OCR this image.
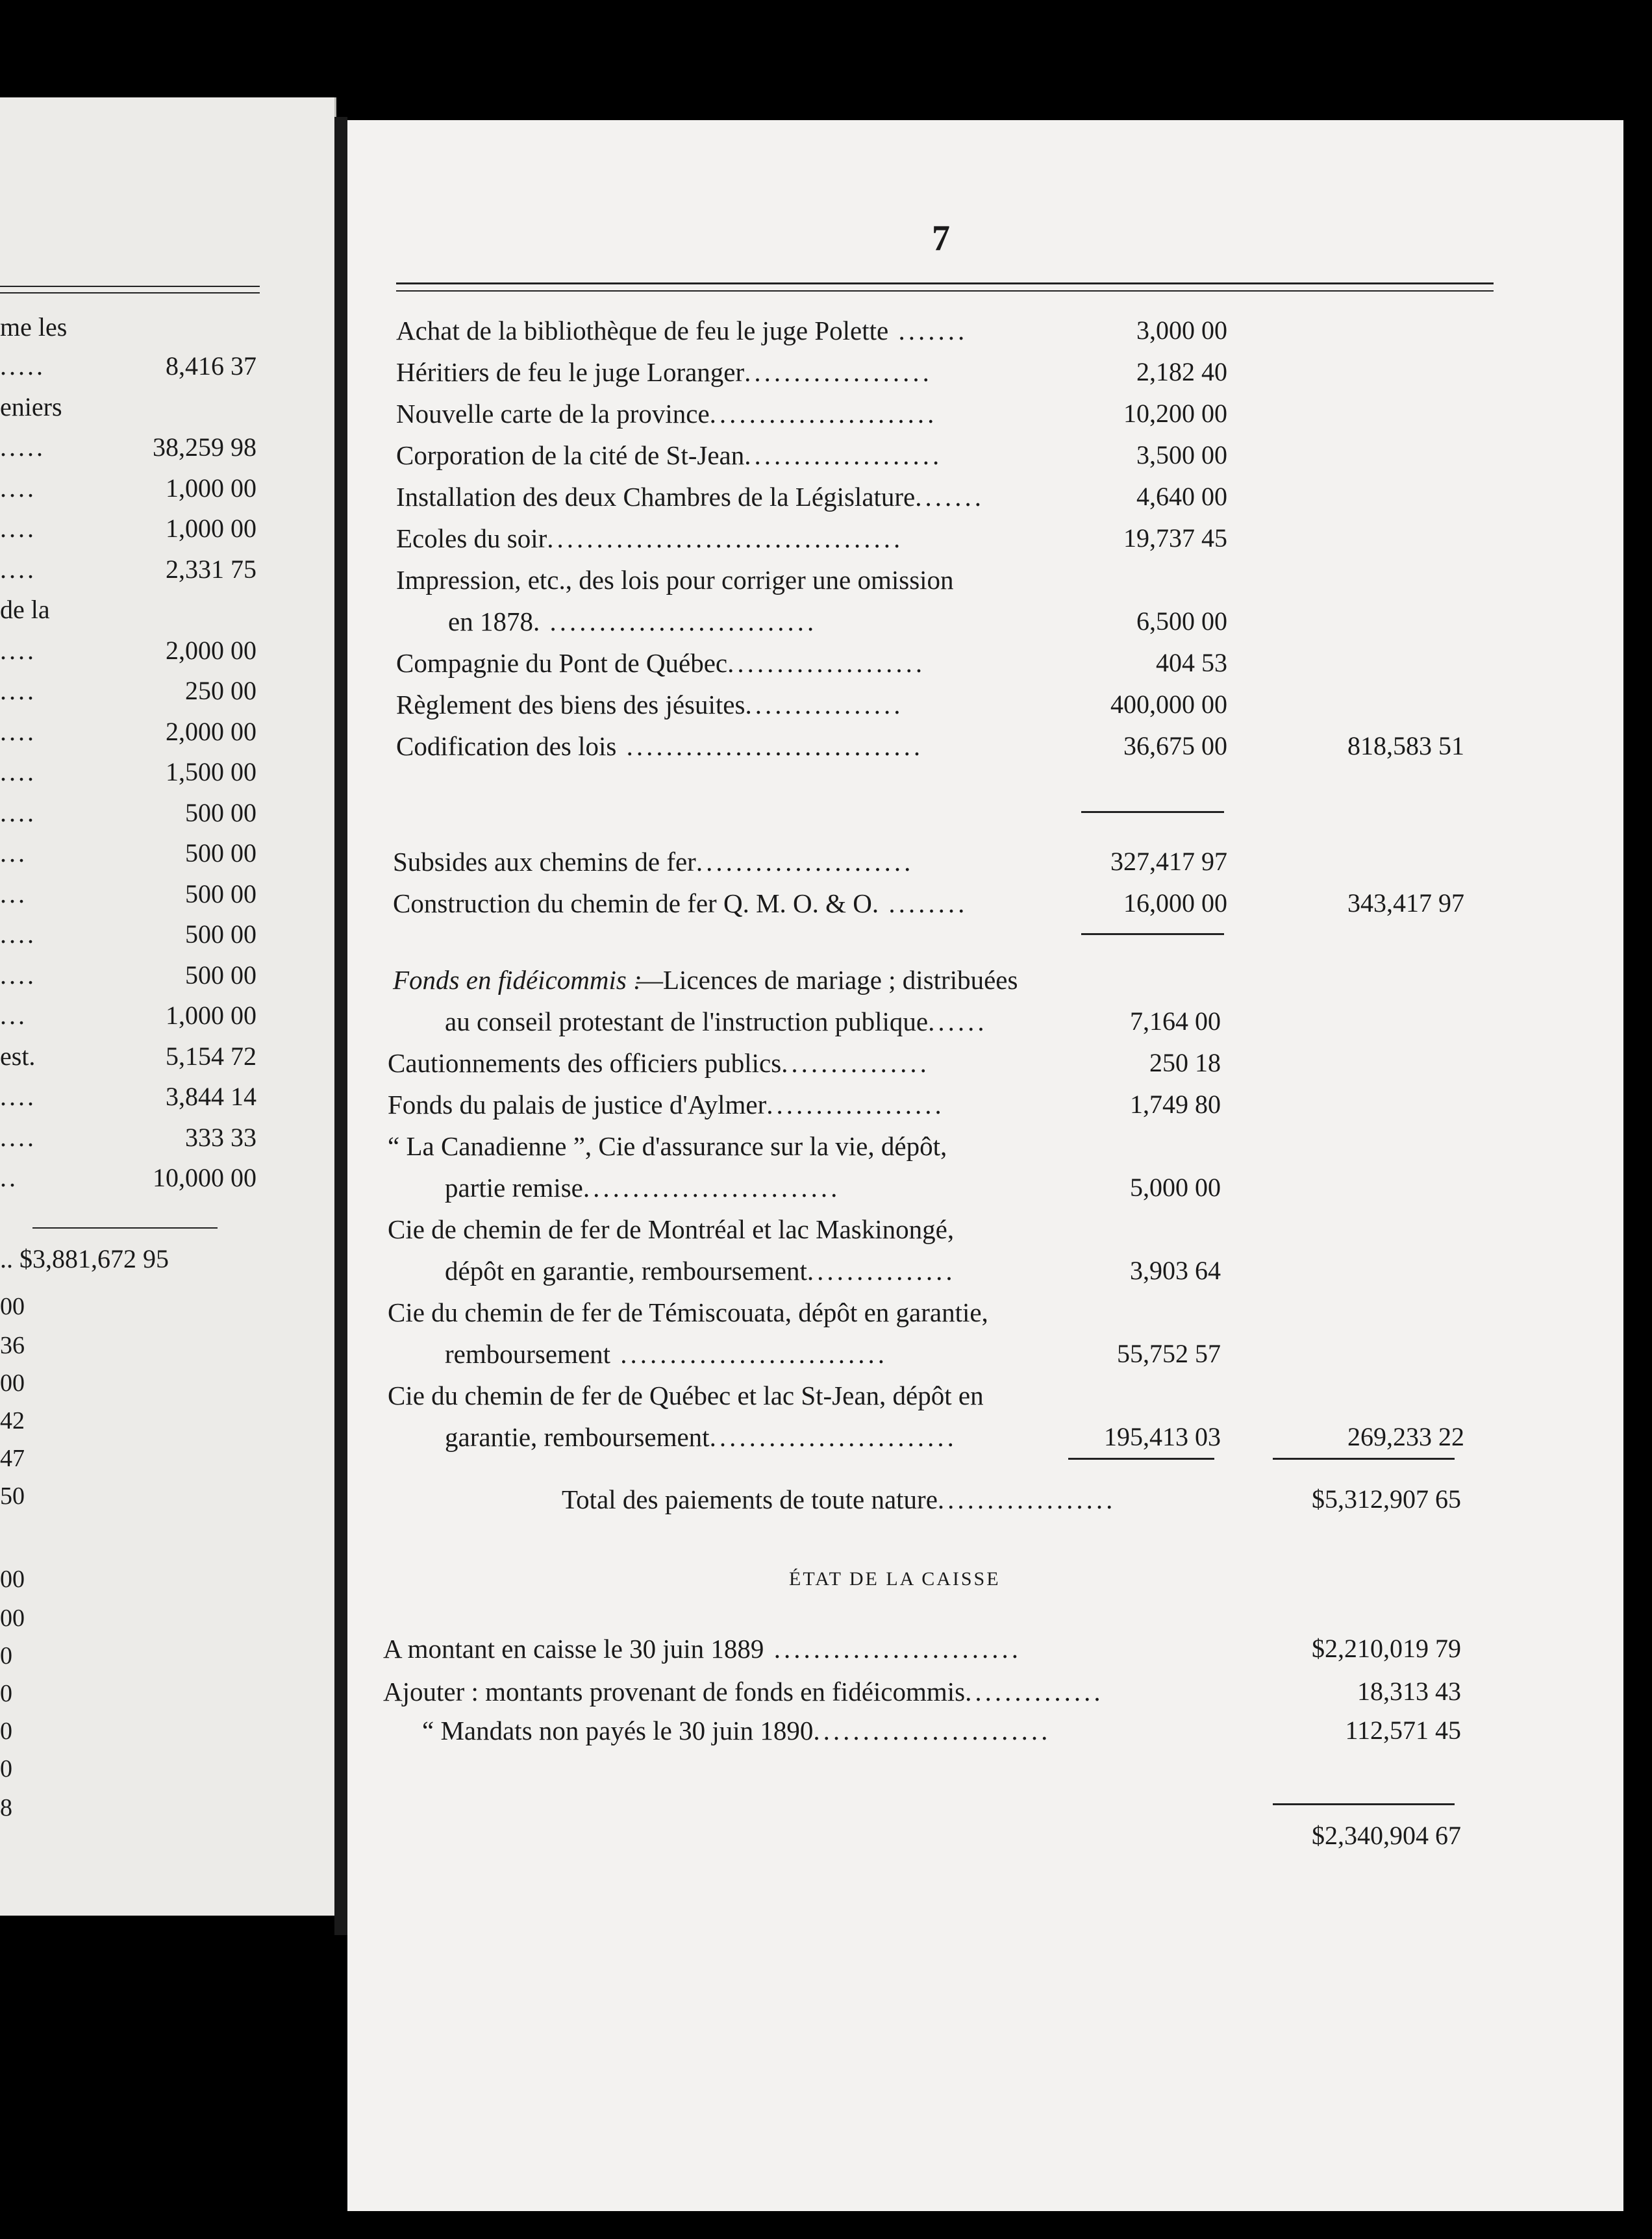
me les
.....	8,416 37
eniers
.....	38,259 98
....	1,000 00
....	1,000 00
....	2,331 75
de la
....	2,000 00
....	250 00
....	2,000 00
....	1,500 00
....	500 00
...	500 00
...	500 00
....	500 00
....	500 00
...	1,000 00
est.	5,154 72
....	3,844 14
....	333 33
..	10,000 00
.. $3,881,672 95
00
36
00
42
47
50
00
00
0
0
0
0
8
7
Achat de la bibliothèque de feu le juge Polette .......	3,000 00
Héritiers de feu le juge Loranger...................	2,182 40
Nouvelle carte de la province.......................	10,200 00
Corporation de la cité de St-Jean....................	3,500 00
Installation des deux Chambres de la Législature.......	4,640 00
Ecoles du soir....................................	19,737 45
Impression, etc., des lois pour corriger une omission
en 1878. ...........................	6,500 00
Compagnie du Pont de Québec....................	404 53
Règlement des biens des jésuites................	400,000 00
Codification des lois ..............................	36,675 00	818,583 51
Subsides aux chemins de fer......................	327,417 97
Construction du chemin de fer Q. M. O. & O. ........	16,000 00	343,417 97
Fonds en fidéicommis :
—Licences de mariage ; distribuées
au conseil protestant de l'instruction publique......	7,164 00
Cautionnements des officiers publics...............	250 18
Fonds du palais de justice d'Aylmer..................	1,749 80
“ La Canadienne ”, Cie d'assurance sur la vie, dépôt,
partie remise..........................	5,000 00
Cie de chemin de fer de Montréal et lac Maskinongé,
dépôt en garantie, remboursement...............	3,903 64
Cie du chemin de fer de Témiscouata, dépôt en garantie,
remboursement ...........................	55,752 57
Cie du chemin de fer de Québec et lac St-Jean, dépôt en
garantie, remboursement.........................	195,413 03	269,233 22
Total des paiements de toute nature..................	$5,312,907 65
ÉTAT DE LA CAISSE
A montant en caisse le 30 juin 1889 .........................	$2,210,019 79
Ajouter : montants provenant de fonds en fidéicommis..............	18,313 43
“ Mandats non payés le 30 juin 1890........................	112,571 45
$2,340,904 67
